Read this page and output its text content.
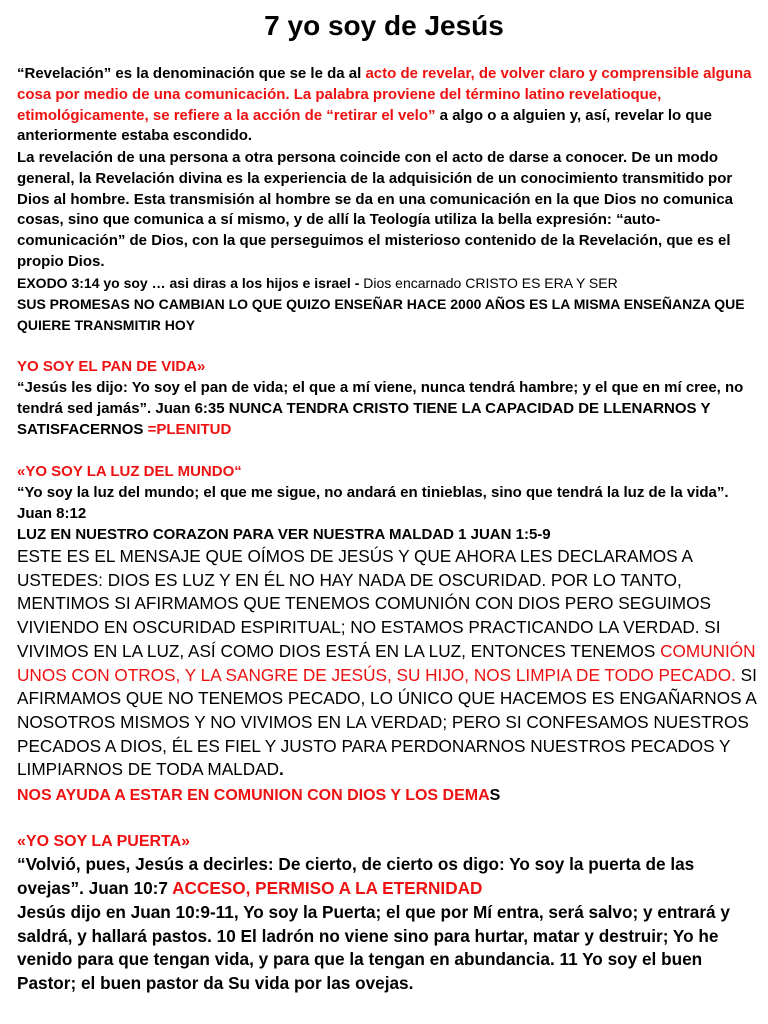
7 yo soy de Jesús

“Revelación” es la denominación que se le da al acto de revelar, de volver claro y comprensible alguna cosa por medio de una comunicación. La palabra proviene del término latino revelatioque, etimológicamente, se refiere a la acción de “retirar el velo” a algo o a alguien y, así, revelar lo que anteriormente estaba escondido.

La revelación de una persona a otra persona coincide con el acto de darse a conocer. De un modo general, la Revelación divina es la experiencia de la adquisición de un conocimiento transmitido por Dios al hombre. Esta transmisión al hombre se da en una comunicación en la que Dios no comunica cosas, sino que comunica a sí mismo, y de allí la Teología utiliza la bella expresión: “auto-comunicación” de Dios, con la que perseguimos el misterioso contenido de la Revelación, que es el propio Dios.

EXODO 3:14 yo soy … asi diras a los hijos e israel - Dios encarnado CRISTO ES ERA Y SER

SUS PROMESAS NO CAMBIAN LO QUE QUIZO ENSEÑAR HACE 2000 AÑOS ES LA MISMA ENSEÑANZA QUE QUIERE TRANSMITIR HOY

YO SOY EL PAN DE VIDA»

“Jesús les dijo: Yo soy el pan de vida; el que a mí viene, nunca tendrá hambre; y el que en mí cree, no tendrá sed jamás”. Juan 6:35 NUNCA TENDRA CRISTO TIENE LA CAPACIDAD DE LLENARNOS Y SATISFACERNOS =PLENITUD

«YO SOY LA LUZ DEL MUNDO“

“Yo soy la luz del mundo; el que me sigue, no andará en tinieblas, sino que tendrá la luz de la vida”. Juan 8:12

LUZ EN NUESTRO CORAZON PARA VER NUESTRA MALDAD 1 JUAN 1:5-9

ESTE ES EL MENSAJE QUE OÍMOS DE JESÚS Y QUE AHORA LES DECLARAMOS A USTEDES: DIOS ES LUZ Y EN ÉL NO HAY NADA DE OSCURIDAD. POR LO TANTO, MENTIMOS SI AFIRMAMOS QUE TENEMOS COMUNIÓN CON DIOS PERO SEGUIMOS VIVIENDO EN OSCURIDAD ESPIRITUAL; NO ESTAMOS PRACTICANDO LA VERDAD. SI VIVIMOS EN LA LUZ, ASÍ COMO DIOS ESTÁ EN LA LUZ, ENTONCES TENEMOS COMUNIÓN UNOS CON OTROS, Y LA SANGRE DE JESÚS, SU HIJO, NOS LIMPIA DE TODO PECADO. SI AFIRMAMOS QUE NO TENEMOS PECADO, LO ÚNICO QUE HACEMOS ES ENGAÑARNOS A NOSOTROS MISMOS Y NO VIVIMOS EN LA VERDAD; PERO SI CONFESAMOS NUESTROS PECADOS A DIOS, ÉL ES FIEL Y JUSTO PARA PERDONARNOS NUESTROS PECADOS Y LIMPIARNOS DE TODA MALDAD.

NOS AYUDA A ESTAR EN COMUNION CON DIOS Y LOS DEMAS

«YO SOY LA PUERTA»

“Volvió, pues, Jesús a decirles: De cierto, de cierto os digo: Yo soy la puerta de las ovejas”. Juan 10:7 ACCESO, PERMISO A LA ETERNIDAD

Jesús dijo en Juan 10:9-11, Yo soy la Puerta; el que por Mí entra, será salvo; y entrará y saldrá, y hallará pastos. 10 El ladrón no viene sino para hurtar, matar y destruir; Yo he venido para que tengan vida, y para que la tengan en abundancia. 11 Yo soy el buen Pastor; el buen pastor da Su vida por las ovejas.
